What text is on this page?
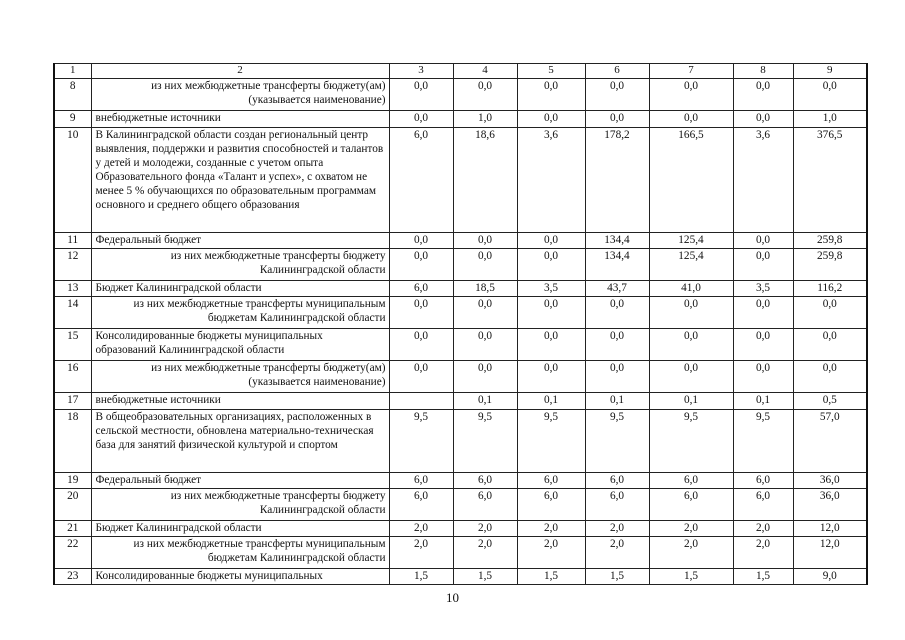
1	2	3	4	5	6	7	8	9
8	из них межбюджетные трансферты бюджету(ам) (указывается наименование)	0,0	0,0	0,0	0,0	0,0	0,0	0,0
9	внебюджетные источники	0,0	1,0	0,0	0,0	0,0	0,0	1,0
10	В Калининградской области создан региональный центр выявления, поддержки и развития способностей и талантов у детей и молодежи, созданные с учетом опыта Образовательного фонда «Талант и успех», с охватом не менее 5 % обучающихся по образовательным программам основного и среднего общего образования	6,0	18,6	3,6	178,2	166,5	3,6	376,5
11	Федеральный бюджет	0,0	0,0	0,0	134,4	125,4	0,0	259,8
12	из них межбюджетные трансферты бюджету Калининградской области	0,0	0,0	0,0	134,4	125,4	0,0	259,8
13	Бюджет Калининградской области	6,0	18,5	3,5	43,7	41,0	3,5	116,2
14	из них межбюджетные трансферты муниципальным бюджетам Калининградской области	0,0	0,0	0,0	0,0	0,0	0,0	0,0
15	Консолидированные бюджеты муниципальных образований Калининградской области	0,0	0,0	0,0	0,0	0,0	0,0	0,0
16	из них межбюджетные трансферты бюджету(ам) (указывается наименование)	0,0	0,0	0,0	0,0	0,0	0,0	0,0
17	внебюджетные источники		0,1	0,1	0,1	0,1	0,1	0,5
18	В общеобразовательных организациях, расположенных в сельской местности, обновлена материально-техническая база для занятий физической культурой и спортом	9,5	9,5	9,5	9,5	9,5	9,5	57,0
19	Федеральный бюджет	6,0	6,0	6,0	6,0	6,0	6,0	36,0
20	из них межбюджетные трансферты бюджету Калининградской области	6,0	6,0	6,0	6,0	6,0	6,0	36,0
21	Бюджет Калининградской области	2,0	2,0	2,0	2,0	2,0	2,0	12,0
22	из них межбюджетные трансферты муниципальным бюджетам Калининградской области	2,0	2,0	2,0	2,0	2,0	2,0	12,0
23	Консолидированные бюджеты муниципальных	1,5	1,5	1,5	1,5	1,5	1,5	9,0
10
